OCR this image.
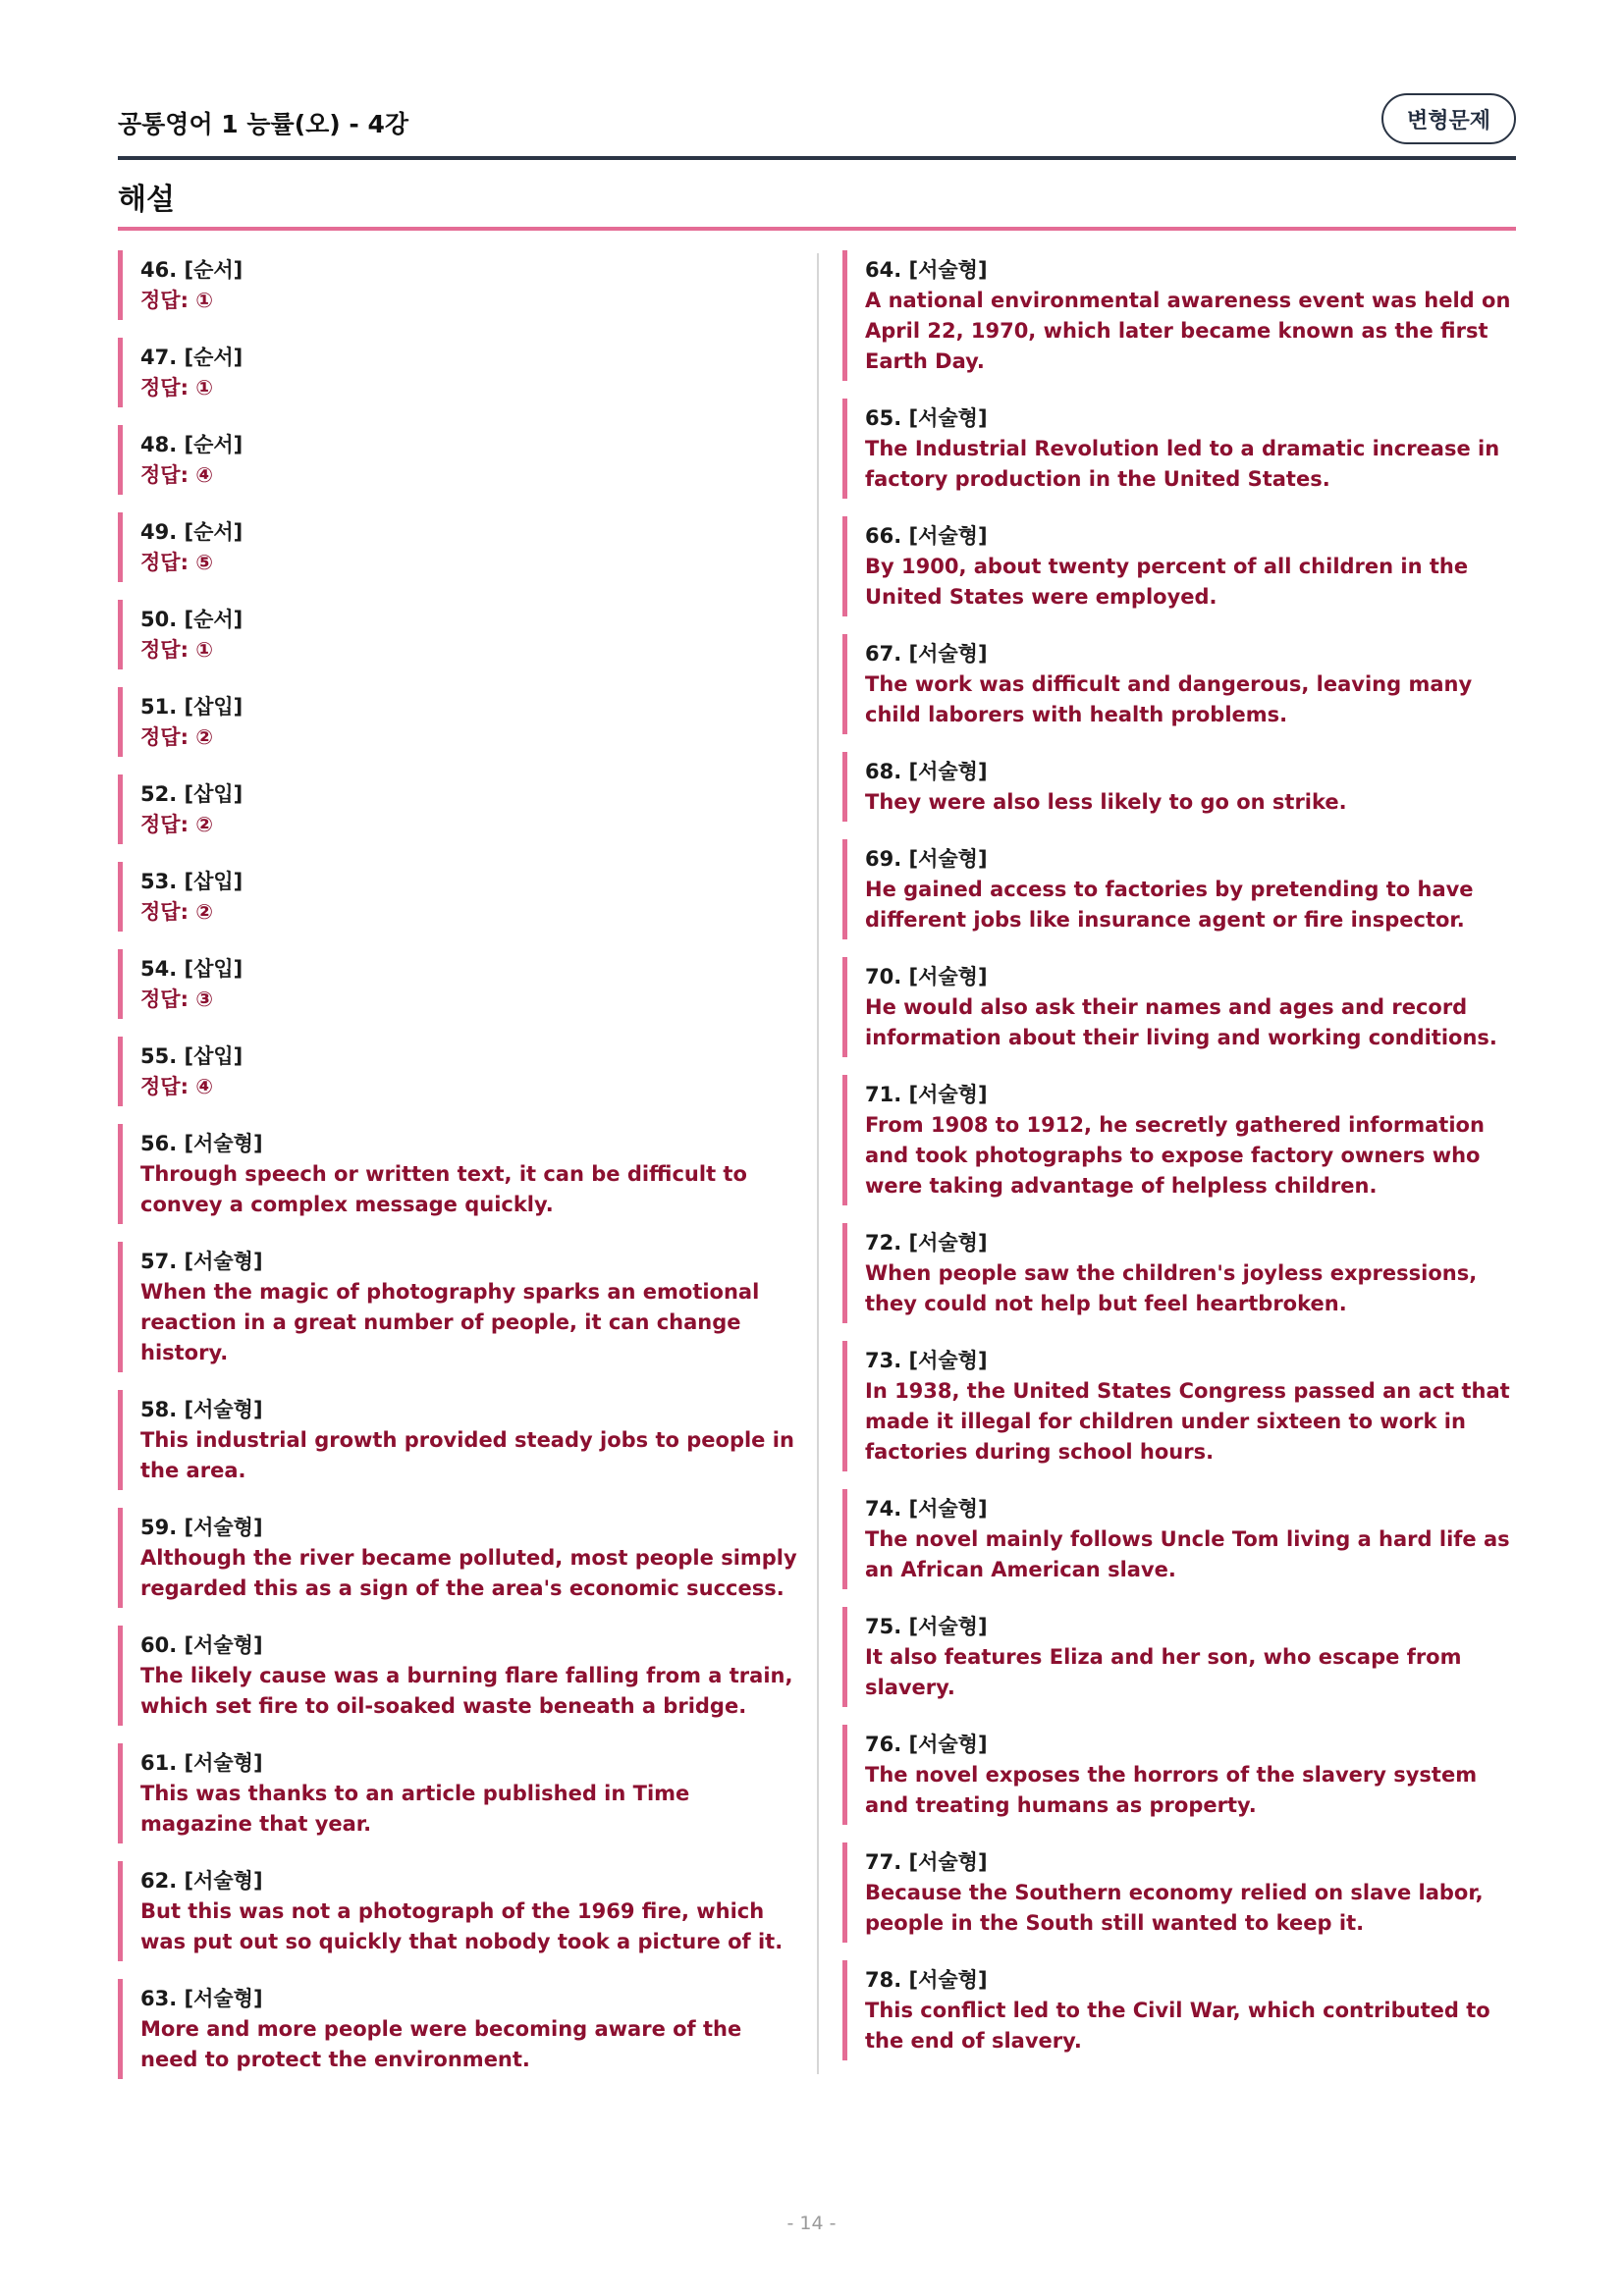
공통영어 1 능률(오) - 4강	변형문제
해설
46. [순서]
정답: ①
47. [순서]
정답: ①
48. [순서]
정답: ④
49. [순서]
정답: ⑤
50. [순서]
정답: ①
51. [삽입]
정답: ②
52. [삽입]
정답: ②
53. [삽입]
정답: ②
54. [삽입]
정답: ③
55. [삽입]
정답: ④
56. [서술형]
Through speech or written text, it can be difficult to convey a complex message quickly.
57. [서술형]
When the magic of photography sparks an emotional reaction in a great number of people, it can change history.
58. [서술형]
This industrial growth provided steady jobs to people in the area.
59. [서술형]
Although the river became polluted, most people simply regarded this as a sign of the area's economic success.
60. [서술형]
The likely cause was a burning flare falling from a train, which set fire to oil-soaked waste beneath a bridge.
61. [서술형]
This was thanks to an article published in Time magazine that year.
62. [서술형]
But this was not a photograph of the 1969 fire, which was put out so quickly that nobody took a picture of it.
63. [서술형]
More and more people were becoming aware of the need to protect the environment.
64. [서술형]
A national environmental awareness event was held on April 22, 1970, which later became known as the first Earth Day.
65. [서술형]
The Industrial Revolution led to a dramatic increase in factory production in the United States.
66. [서술형]
By 1900, about twenty percent of all children in the United States were employed.
67. [서술형]
The work was difficult and dangerous, leaving many child laborers with health problems.
68. [서술형]
They were also less likely to go on strike.
69. [서술형]
He gained access to factories by pretending to have different jobs like insurance agent or fire inspector.
70. [서술형]
He would also ask their names and ages and record information about their living and working conditions.
71. [서술형]
From 1908 to 1912, he secretly gathered information and took photographs to expose factory owners who were taking advantage of helpless children.
72. [서술형]
When people saw the children's joyless expressions, they could not help but feel heartbroken.
73. [서술형]
In 1938, the United States Congress passed an act that made it illegal for children under sixteen to work in factories during school hours.
74. [서술형]
The novel mainly follows Uncle Tom living a hard life as an African American slave.
75. [서술형]
It also features Eliza and her son, who escape from slavery.
76. [서술형]
The novel exposes the horrors of the slavery system and treating humans as property.
77. [서술형]
Because the Southern economy relied on slave labor, people in the South still wanted to keep it.
78. [서술형]
This conflict led to the Civil War, which contributed to the end of slavery.
- 14 -
